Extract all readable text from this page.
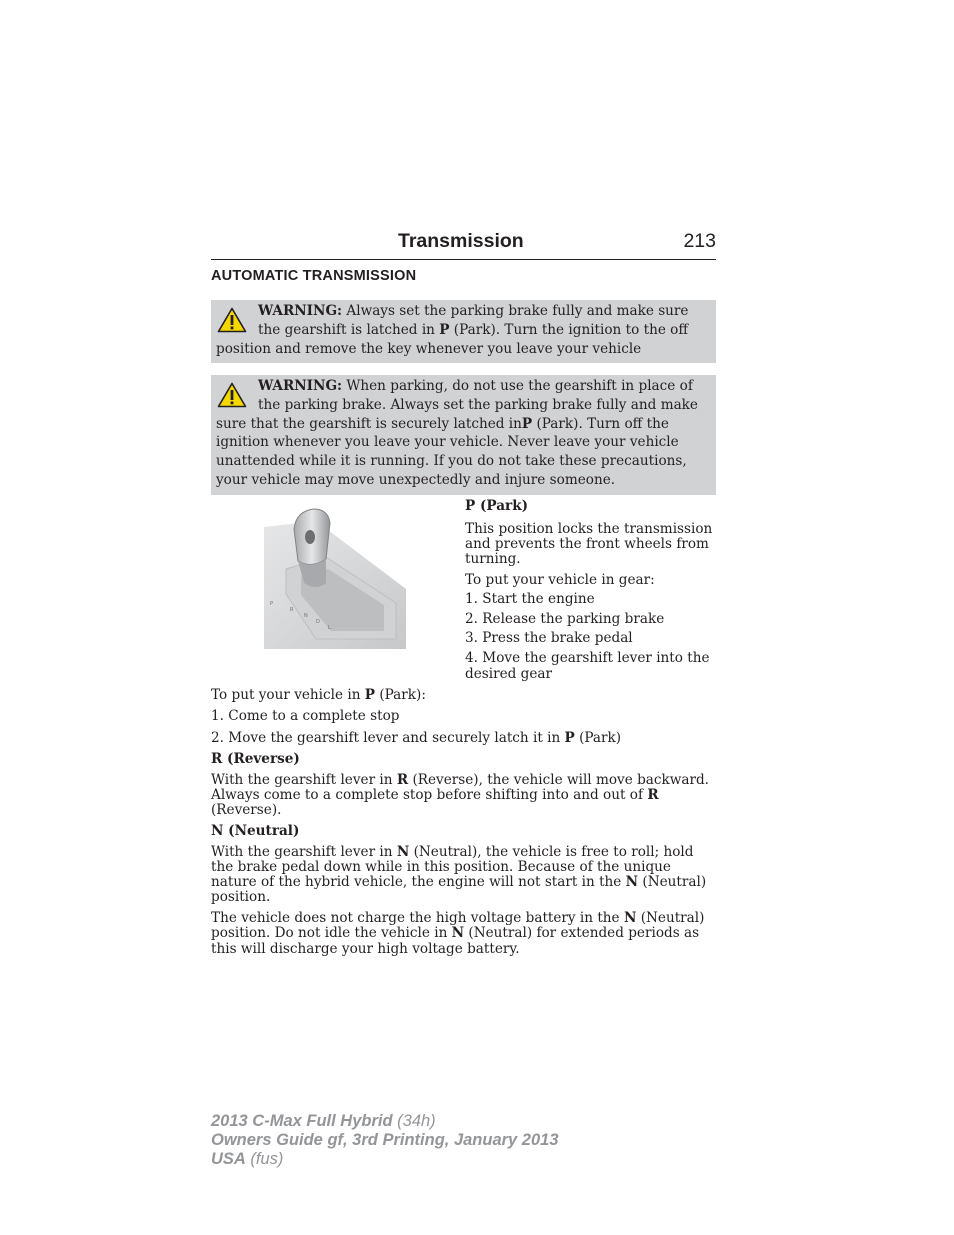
Transmission	213
AUTOMATIC TRANSMISSION
WARNING: Always set the parking brake fully and make sure
the gearshift is latched in P (Park). Turn the ignition to the off
position and remove the key whenever you leave your vehicle
WARNING: When parking, do not use the gearshift in place of
the parking brake. Always set the parking brake fully and make
sure that the gearshift is securely latched inP (Park). Turn off the
ignition whenever you leave your vehicle. Never leave your vehicle
unattended while it is running. If you do not take these precautions,
your vehicle may move unexpectedly and injure someone.
P
R
N
D
L
P (Park)
This position locks the transmission
and prevents the front wheels from
turning.
To put your vehicle in gear:
1. Start the engine
2. Release the parking brake
3. Press the brake pedal
4. Move the gearshift lever into the
desired gear
To put your vehicle in P (Park):
1. Come to a complete stop
2. Move the gearshift lever and securely latch it in P (Park)
R (Reverse)
With the gearshift lever in R (Reverse), the vehicle will move backward.
Always come to a complete stop before shifting into and out of R
(Reverse).
N (Neutral)
With the gearshift lever in N (Neutral), the vehicle is free to roll; hold
the brake pedal down while in this position. Because of the unique
nature of the hybrid vehicle, the engine will not start in the N (Neutral)
position.
The vehicle does not charge the high voltage battery in the N (Neutral)
position. Do not idle the vehicle in N (Neutral) for extended periods as
this will discharge your high voltage battery.
2013 C-Max Full Hybrid (34h)
Owners Guide gf, 3rd Printing, January 2013
USA (fus)
